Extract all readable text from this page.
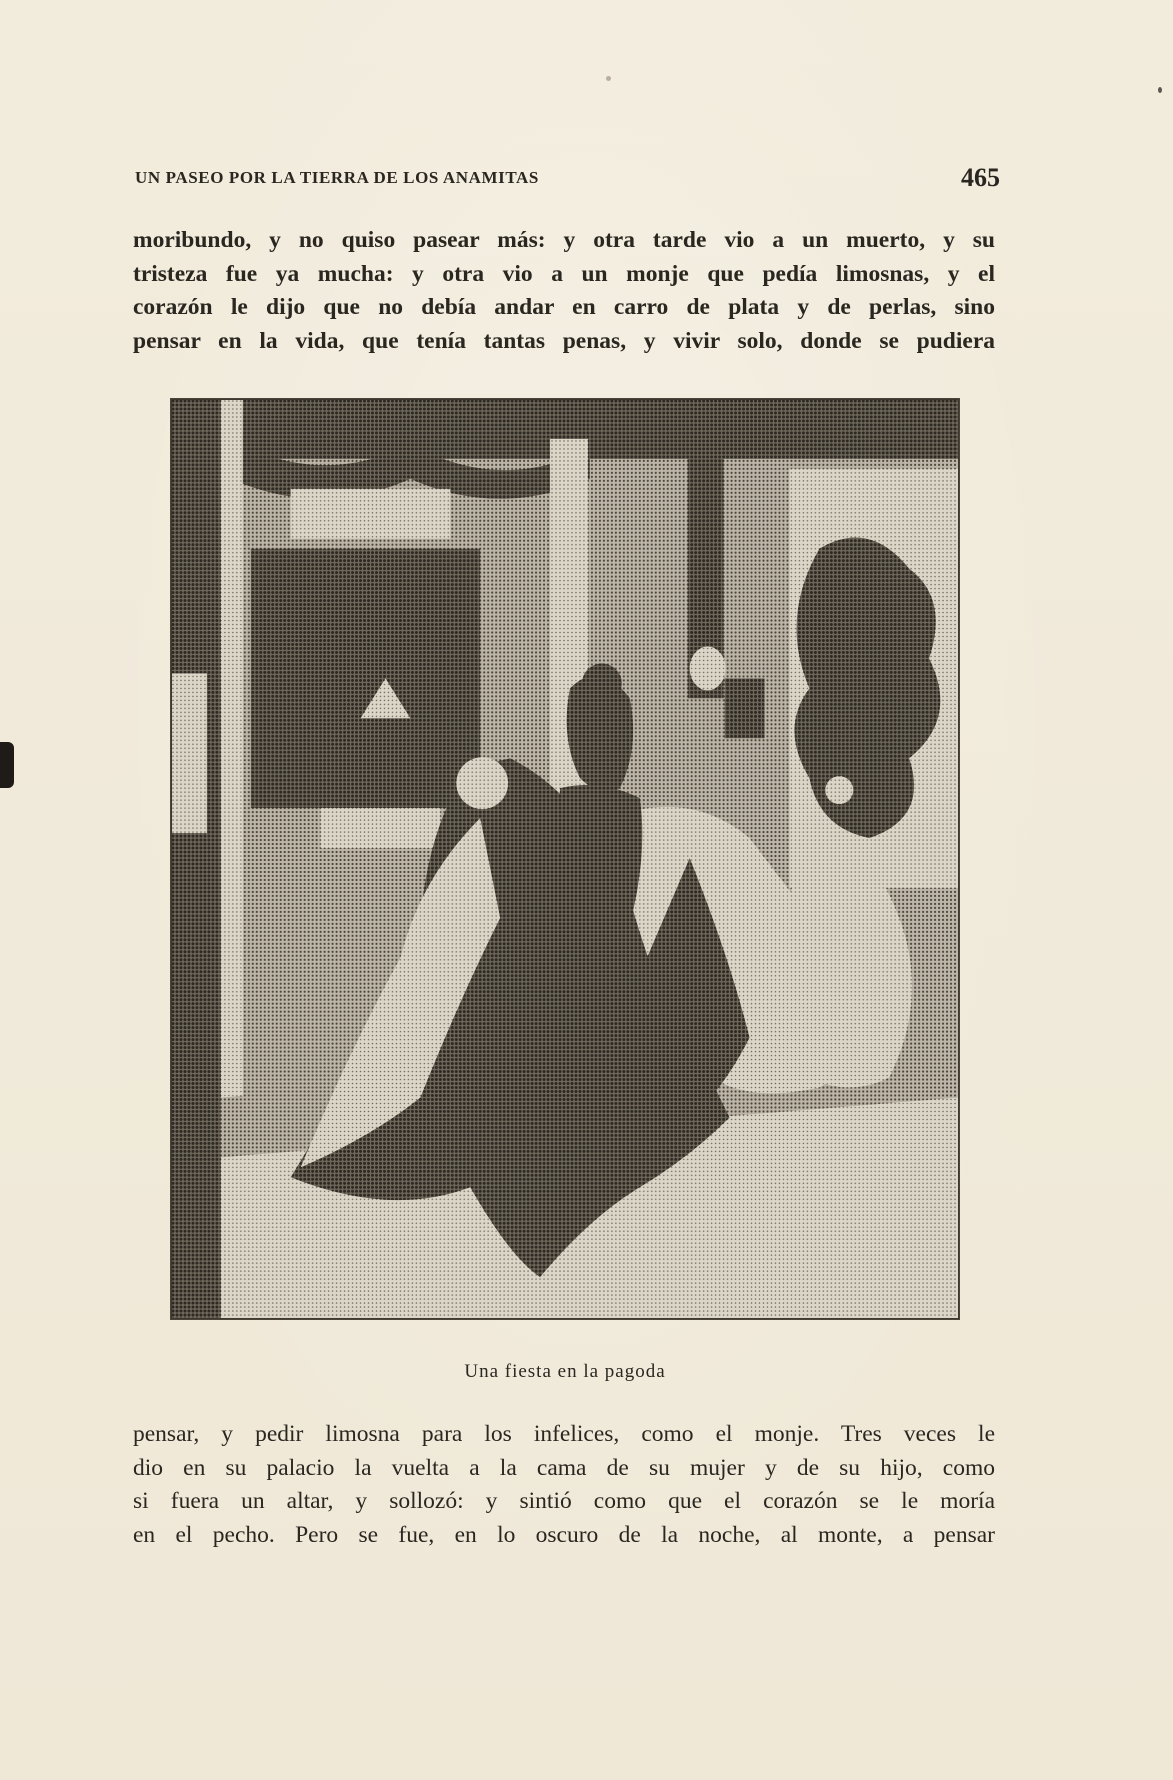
UN PASEO POR LA TIERRA DE LOS ANAMITAS	465
moribundo, y no quiso pasear más: y otra tarde vio a un muerto, y su
tristeza fue ya mucha: y otra vio a un monje que pedía limosnas, y el
corazón le dijo que no debía andar en carro de plata y de perlas, sino
pensar en la vida, que tenía tantas penas, y vivir solo, donde se pudiera
Una fiesta en la pagoda
pensar, y pedir limosna para los infelices, como el monje. Tres veces le
dio en su palacio la vuelta a la cama de su mujer y de su hijo, como
si fuera un altar, y sollozó: y sintió como que el corazón se le moría
en el pecho. Pero se fue, en lo oscuro de la noche, al monte, a pensar
